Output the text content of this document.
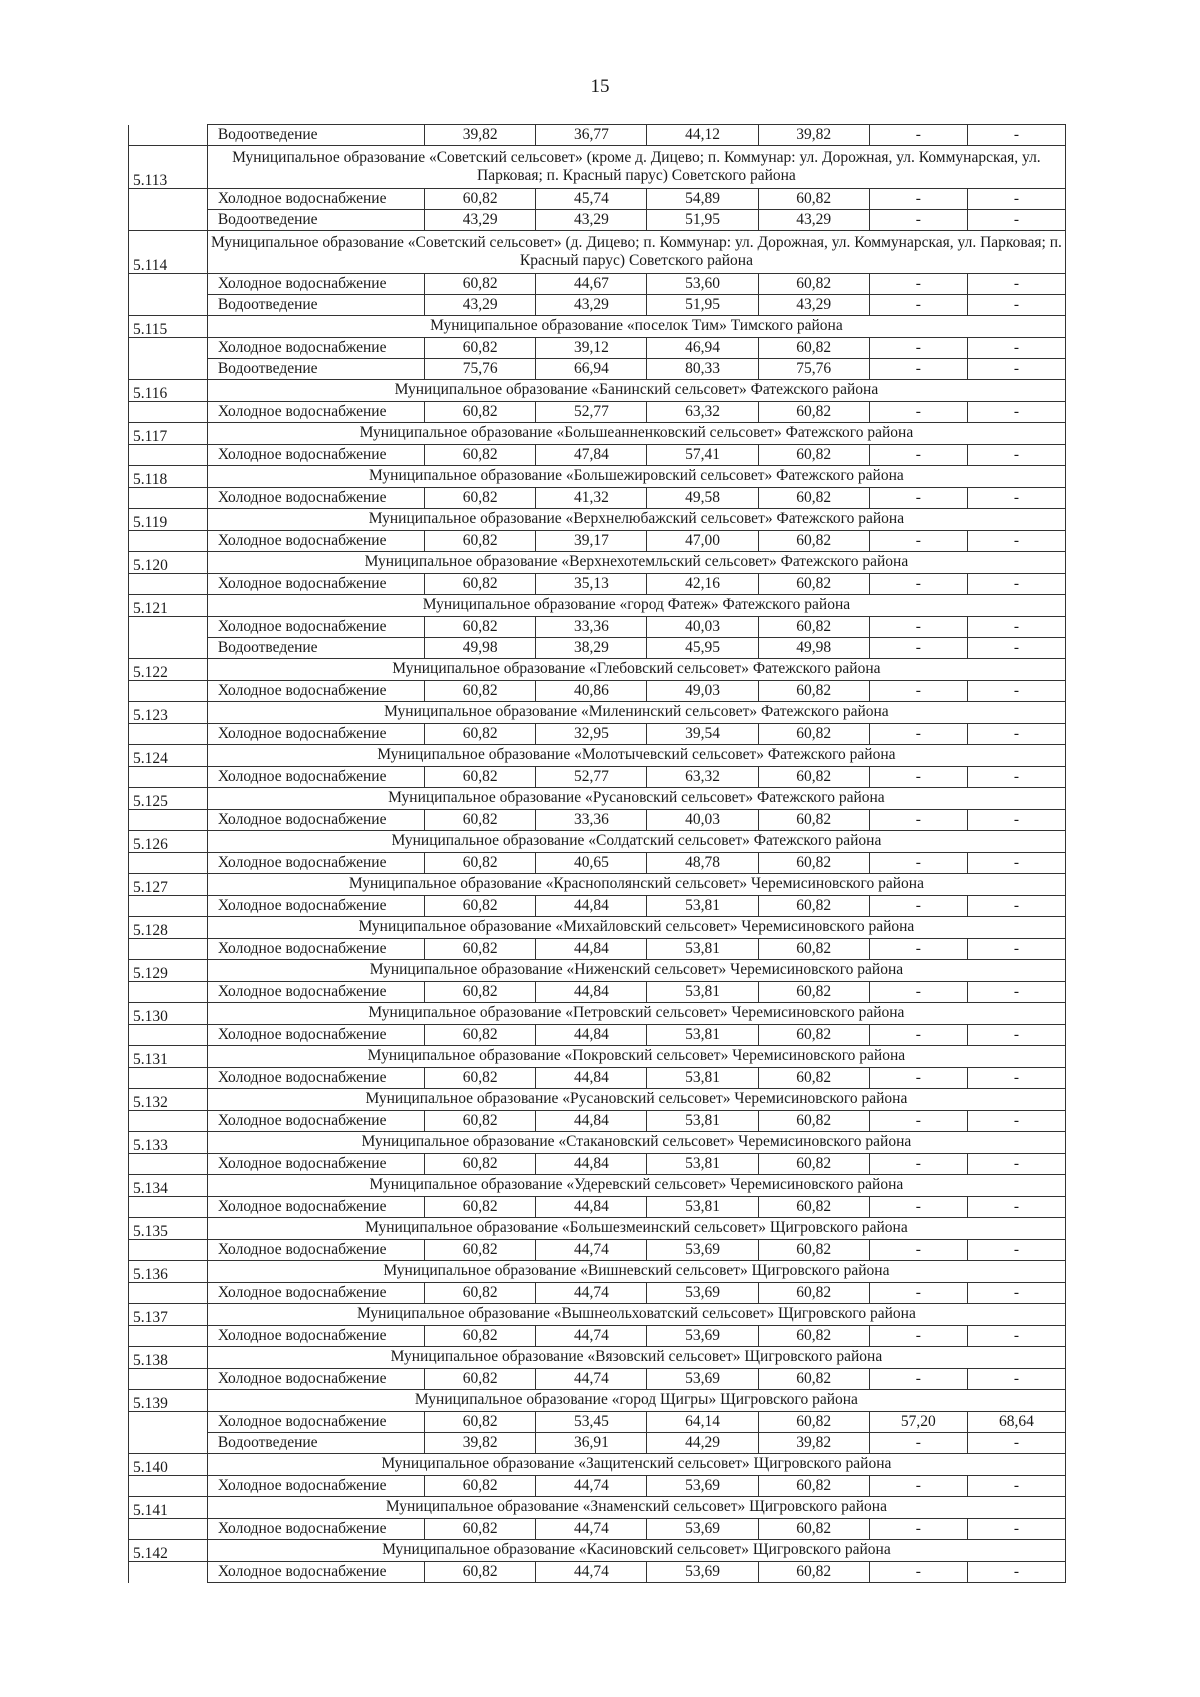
15
	Водоотведение	39,82	36,77	44,12	39,82	-	-
5.113	Муниципальное образование «Советский сельсовет» (кроме д. Дицево; п. Коммунар: ул. Дорожная, ул. Коммунарская, ул. Парковая; п. Красный парус) Советского района						
	Холодное водоснабжение	60,82	45,74	54,89	60,82	-	-
	Водоотведение	43,29	43,29	51,95	43,29	-	-
5.114	Муниципальное образование «Советский сельсовет» (д. Дицево; п. Коммунар: ул. Дорожная, ул. Коммунарская, ул. Парковая; п. Красный парус) Советского района						
	Холодное водоснабжение	60,82	44,67	53,60	60,82	-	-
	Водоотведение	43,29	43,29	51,95	43,29	-	-
5.115	Муниципальное образование «поселок Тим» Тимского района						
	Холодное водоснабжение	60,82	39,12	46,94	60,82	-	-
	Водоотведение	75,76	66,94	80,33	75,76	-	-
5.116	Муниципальное образование «Банинский сельсовет» Фатежского района						
	Холодное водоснабжение	60,82	52,77	63,32	60,82	-	-
5.117	Муниципальное образование «Большеанненковский сельсовет» Фатежского района						
	Холодное водоснабжение	60,82	47,84	57,41	60,82	-	-
5.118	Муниципальное образование «Большежировский сельсовет» Фатежского района						
	Холодное водоснабжение	60,82	41,32	49,58	60,82	-	-
5.119	Муниципальное образование «Верхнелюбажский сельсовет» Фатежского района						
	Холодное водоснабжение	60,82	39,17	47,00	60,82	-	-
5.120	Муниципальное образование «Верхнехотемльский сельсовет» Фатежского района						
	Холодное водоснабжение	60,82	35,13	42,16	60,82	-	-
5.121	Муниципальное образование «город Фатеж» Фатежского района						
	Холодное водоснабжение	60,82	33,36	40,03	60,82	-	-
	Водоотведение	49,98	38,29	45,95	49,98	-	-
5.122	Муниципальное образование «Глебовский сельсовет» Фатежского района						
	Холодное водоснабжение	60,82	40,86	49,03	60,82	-	-
5.123	Муниципальное образование «Миленинский сельсовет» Фатежского района						
	Холодное водоснабжение	60,82	32,95	39,54	60,82	-	-
5.124	Муниципальное образование «Молотычевский сельсовет» Фатежского района						
	Холодное водоснабжение	60,82	52,77	63,32	60,82	-	-
5.125	Муниципальное образование «Русановский сельсовет» Фатежского района						
	Холодное водоснабжение	60,82	33,36	40,03	60,82	-	-
5.126	Муниципальное образование «Солдатский сельсовет» Фатежского района						
	Холодное водоснабжение	60,82	40,65	48,78	60,82	-	-
5.127	Муниципальное образование «Краснополянский сельсовет» Черемисиновского района						
	Холодное водоснабжение	60,82	44,84	53,81	60,82	-	-
5.128	Муниципальное образование «Михайловский сельсовет» Черемисиновского района						
	Холодное водоснабжение	60,82	44,84	53,81	60,82	-	-
5.129	Муниципальное образование «Ниженский сельсовет» Черемисиновского района						
	Холодное водоснабжение	60,82	44,84	53,81	60,82	-	-
5.130	Муниципальное образование «Петровский сельсовет» Черемисиновского района						
	Холодное водоснабжение	60,82	44,84	53,81	60,82	-	-
5.131	Муниципальное образование «Покровский сельсовет» Черемисиновского района						
	Холодное водоснабжение	60,82	44,84	53,81	60,82	-	-
5.132	Муниципальное образование «Русановский сельсовет» Черемисиновского района						
	Холодное водоснабжение	60,82	44,84	53,81	60,82	-	-
5.133	Муниципальное образование «Стакановский сельсовет» Черемисиновского района						
	Холодное водоснабжение	60,82	44,84	53,81	60,82	-	-
5.134	Муниципальное образование «Удеревский сельсовет» Черемисиновского района						
	Холодное водоснабжение	60,82	44,84	53,81	60,82	-	-
5.135	Муниципальное образование «Большезмеинский сельсовет» Щигровского района						
	Холодное водоснабжение	60,82	44,74	53,69	60,82	-	-
5.136	Муниципальное образование «Вишневский сельсовет» Щигровского района						
	Холодное водоснабжение	60,82	44,74	53,69	60,82	-	-
5.137	Муниципальное образование «Вышнеольховатский сельсовет» Щигровского района						
	Холодное водоснабжение	60,82	44,74	53,69	60,82	-	-
5.138	Муниципальное образование «Вязовский сельсовет» Щигровского района						
	Холодное водоснабжение	60,82	44,74	53,69	60,82	-	-
5.139	Муниципальное образование «город Щигры» Щигровского района						
	Холодное водоснабжение	60,82	53,45	64,14	60,82	57,20	68,64
	Водоотведение	39,82	36,91	44,29	39,82	-	-
5.140	Муниципальное образование «Защитенский сельсовет» Щигровского района						
	Холодное водоснабжение	60,82	44,74	53,69	60,82	-	-
5.141	Муниципальное образование «Знаменский сельсовет» Щигровского района						
	Холодное водоснабжение	60,82	44,74	53,69	60,82	-	-
5.142	Муниципальное образование «Касиновский сельсовет» Щигровского района						
	Холодное водоснабжение	60,82	44,74	53,69	60,82	-	-
